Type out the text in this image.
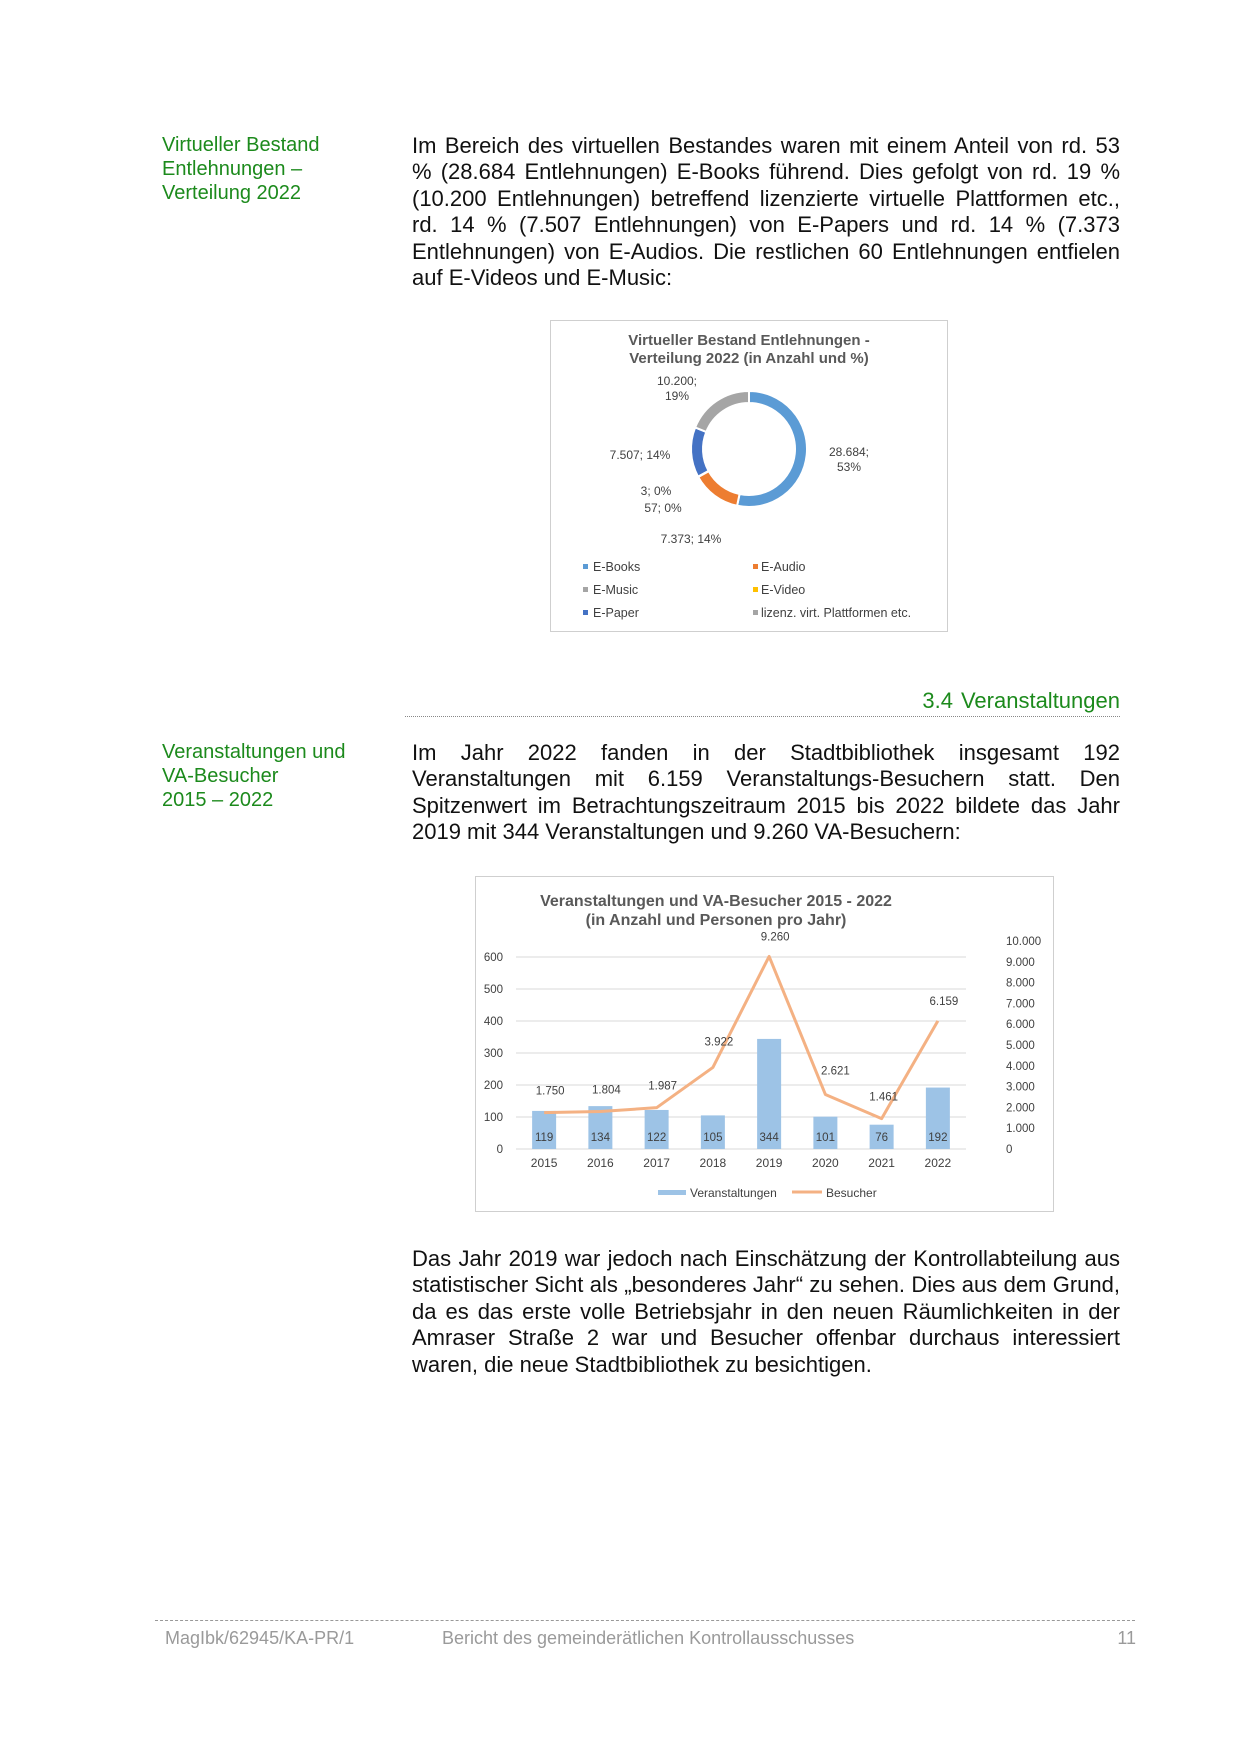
Virtueller Bestand
Entlehnungen –
Verteilung 2022

Im Bereich des virtuellen Bestandes waren mit einem Anteil von rd. 53 % (28.684 Entlehnungen) E-Books führend. Dies gefolgt von rd. 19 % (10.200 Entlehnungen) betreffend lizenzierte virtuelle Plattformen etc., rd. 14 % (7.507 Entlehnungen) von E-Papers und rd. 14 % (7.373 Entlehnungen) von E-Audios. Die restlichen 60 Entlehnungen entfielen auf E-Videos und E-Music:

Virtueller Bestand Entlehnungen -
Verteilung 2022 (in Anzahl und %)
10.200;
19%
7.507; 14%	28.684;
53%
3; 0%
57; 0%
7.373; 14%
E-Books	E-Audio
E-Music	E-Video
E-Paper	lizenz. virt. Plattformen etc.
3.4 Veranstaltungen
Veranstaltungen und
VA-Besucher
2015 – 2022

Im Jahr 2022 fanden in der Stadtbibliothek insgesamt 192 Veranstaltungen mit 6.159 Veranstaltungs-Besuchern statt. Den Spitzenwert im Betrachtungszeitraum 2015 bis 2022 bildete das Jahr 2019 mit 344 Veranstaltungen und 9.260 VA-Besuchern:

Veranstaltungen und VA-Besucher 2015 - 2022
(in Anzahl und Personen pro Jahr)
0
100
200
300
400
500
600
0
1.000
2.000
3.000
4.000
5.000
6.000
7.000
8.000
9.000
10.000
119
2015
134
2016
122
2017
105
2018
344
2019
101
2020
76
2021
192
2022
1.750 1.804 1.987
3.922
9.260
2.621
1.461
6.159
Veranstaltungen	Besucher

Das Jahr 2019 war jedoch nach Einschätzung der Kontrollabteilung aus statistischer Sicht als „besonderes Jahr“ zu sehen. Dies aus dem Grund, da es das erste volle Betriebsjahr in den neuen Räumlichkeiten in der Amraser Straße 2 war und Besucher offenbar durchaus interessiert waren, die neue Stadtbibliothek zu besichtigen.

MagIbk/62945/KA-PR/1	Bericht des gemeinderätlichen Kontrollausschusses	11
